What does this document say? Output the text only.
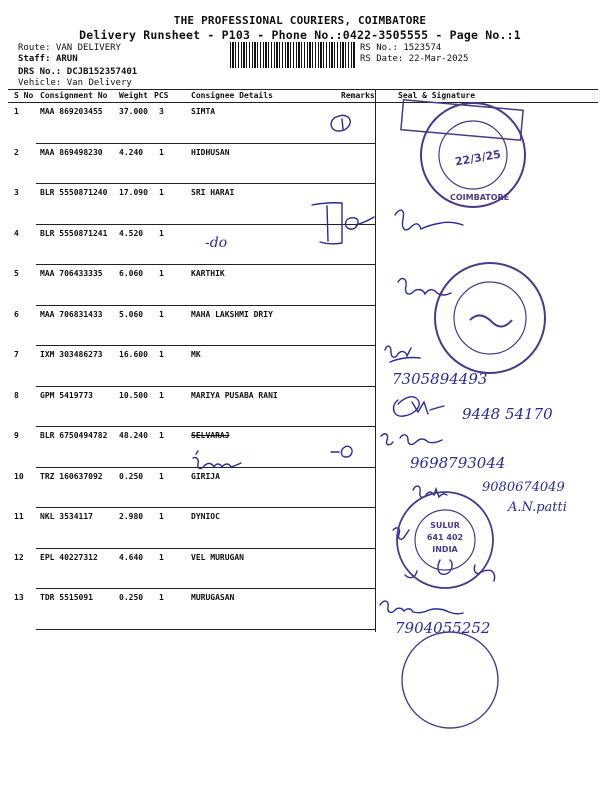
THE PROFESSIONAL COURIERS, COIMBATORE
Delivery Runsheet - P103 - Phone No.:0422-3505555 - Page No.:1
Route: VAN DELIVERY
Staff: ARUN
DRS No.: DCJB152357401
Vehicle: Van Delivery
RS No.: 1523574
RS Date: 22-Mar-2025
S No Consignment No Weight PCS	Consignee Details	Remarks	Seal & Signature
1	MAA 869203455 37.000 3	SIMTA
2	MAA 869498230 4.240 1	HIDHUSAN
3	BLR 5550871240 17.090 1	SRI HARAI
4	BLR 5550871241 4.520 1
5	MAA 706433335 6.060 1	KARTHIK
6	MAA 706831433 5.060 1	MAHA LAKSHMI DRIY
7	IXM 303486273 16.600 1	MK
8	GPM 5419773	10.500 1	MARIYA PUSABA RANI
9	BLR 6750494782 48.240 1	SELVARAJ
10 TRZ 160637092 0.250 1	GIRIJA
11 NKL 3534117	2.980 1	DYNIOC
12 EPL 40227312	4.640 1	VEL MURUGAN
13 TDR 5515091	0.250 1	MURUGASAN
-do
7305894493
9448 54170
9698793044
9080674049
A.N.patti
7904055252
22/3/25
COIMBATORE
SULUR
641 402
INDIA
